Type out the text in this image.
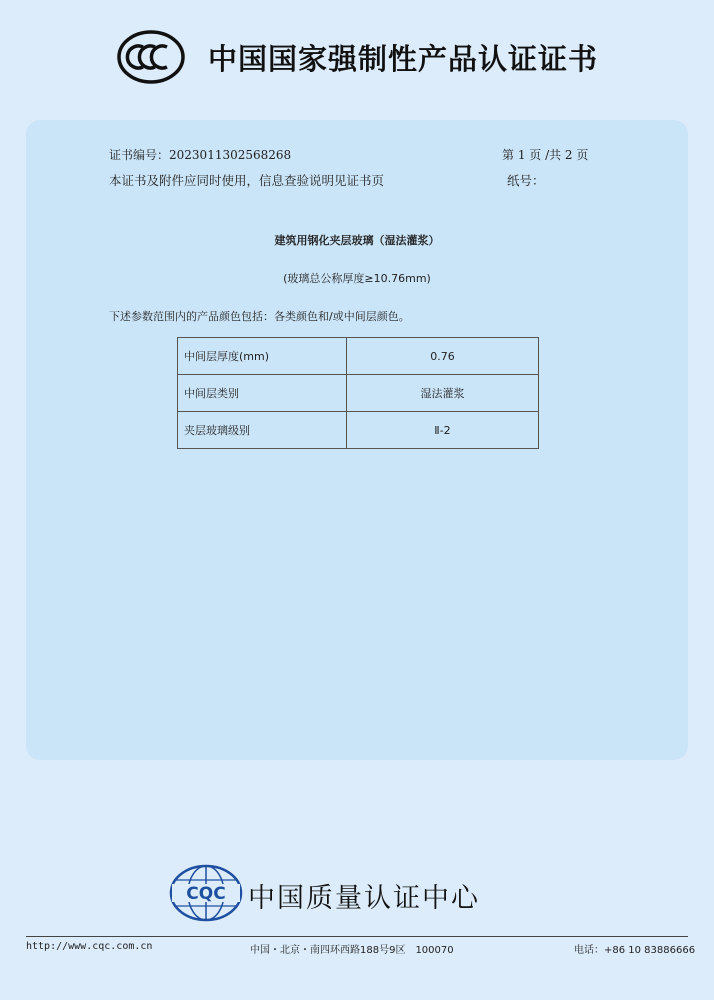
中国国家强制性产品认证证书
证书编号：2023011302568268	第 1 页 /共 2 页
本证书及附件应同时使用，信息查验说明见证书页	纸号：
建筑用钢化夹层玻璃（湿法灌浆）
(玻璃总公称厚度≥10.76mm)
下述参数范围内的产品颜色包括：各类颜色和/或中间层颜色。
中间层厚度(mm)	0.76
中间层类别	湿法灌浆
夹层玻璃级别	Ⅱ-2
CQC 中国质量认证中心
http://www.cqc.com.cn	中国・北京・南四环西路188号9区　100070	电话：+86 10 83886666
